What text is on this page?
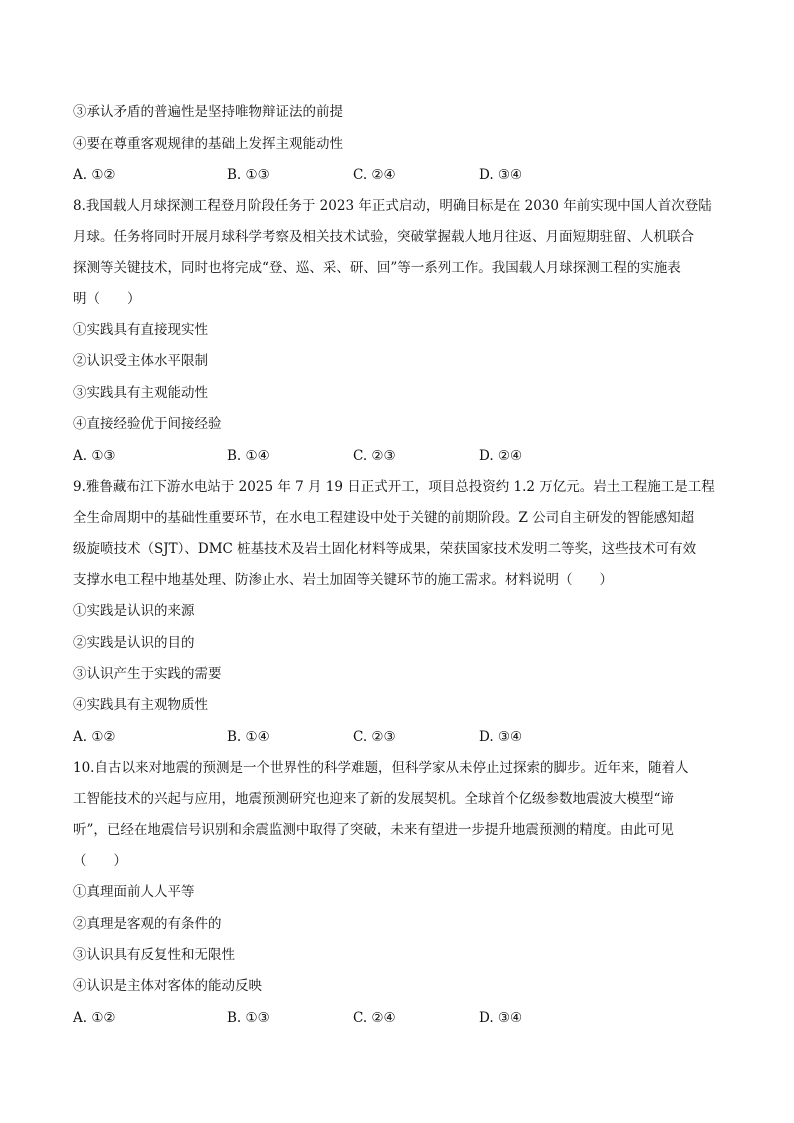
③承认矛盾的普遍性是坚持唯物辩证法的前提
④要在尊重客观规律的基础上发挥主观能动性
A. ①②	B. ①③	C. ②④	D. ③④
8.我国载人月球探测工程登月阶段任务于 2023 年正式启动，明确目标是在 2030 年前实现中国人首次登陆
月球。任务将同时开展月球科学考察及相关技术试验，突破掌握载人地月往返、月面短期驻留、人机联合
探测等关键技术，同时也将完成“登、巡、采、研、回”等一系列工作。我国载人月球探测工程的实施表
明（　　）
①实践具有直接现实性
②认识受主体水平限制
③实践具有主观能动性
④直接经验优于间接经验
A. ①③	B. ①④	C. ②③	D. ②④
9.雅鲁藏布江下游水电站于 2025 年 7 月 19 日正式开工，项目总投资约 1.2 万亿元。岩土工程施工是工程
全生命周期中的基础性重要环节，在水电工程建设中处于关键的前期阶段。Z 公司自主研发的智能感知超
级旋喷技术（SJT）、DMC 桩基技术及岩土固化材料等成果，荣获国家技术发明二等奖，这些技术可有效
支撑水电工程中地基处理、防渗止水、岩土加固等关键环节的施工需求。材料说明（　　）
①实践是认识的来源
②实践是认识的目的
③认识产生于实践的需要
④实践具有主观物质性
A. ①②	B. ①④	C. ②③	D. ③④
10.自古以来对地震的预测是一个世界性的科学难题，但科学家从未停止过探索的脚步。近年来，随着人
工智能技术的兴起与应用，地震预测研究也迎来了新的发展契机。全球首个亿级参数地震波大模型“谛
听”，已经在地震信号识别和余震监测中取得了突破，未来有望进一步提升地震预测的精度。由此可见
（　　）
①真理面前人人平等
②真理是客观的有条件的
③认识具有反复性和无限性
④认识是主体对客体的能动反映
A. ①②	B. ①③	C. ②④	D. ③④
